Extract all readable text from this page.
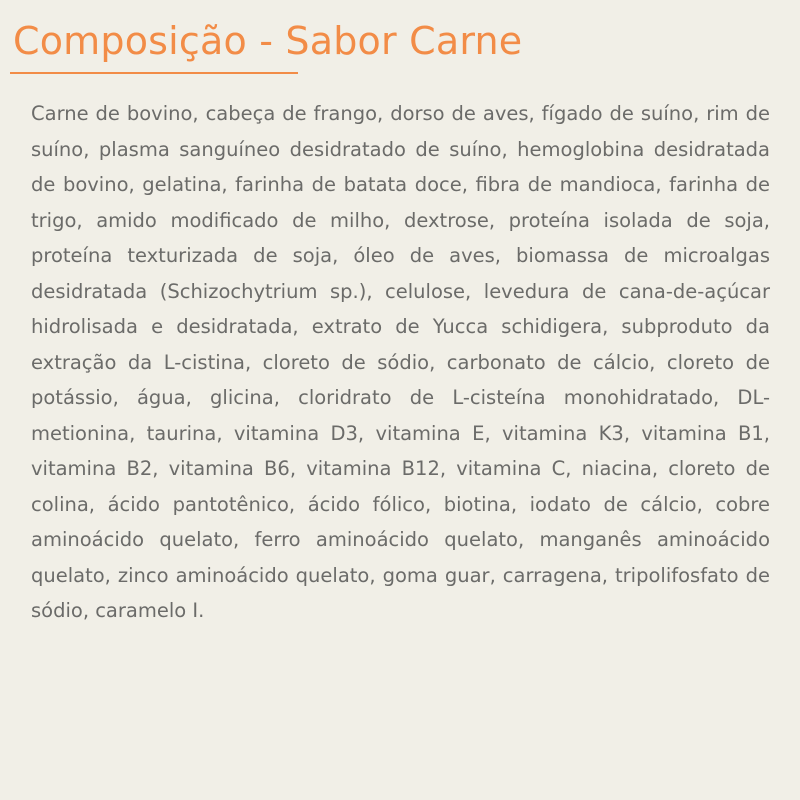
Composição - Sabor Carne

Carne de bovino, cabeça de frango, dorso de aves, fígado de suíno, rim de suíno, plasma sanguíneo desidratado de suíno, hemoglobina desidratada de bovino, gelatina, farinha de batata doce, fibra de mandioca, farinha de trigo, amido modificado de milho, dextrose, proteína isolada de soja, proteína texturizada de soja, óleo de aves, biomassa de microalgas desidratada (Schizochytrium sp.), celulose, levedura de cana-de-açúcar hidrolisada e desidratada, extrato de Yucca schidigera, subproduto da extração da L-cistina, cloreto de sódio, carbonato de cálcio, cloreto de potássio, água, glicina, cloridrato de L-cisteína monohidratado, DL-metionina, taurina, vitamina D3, vitamina E, vitamina K3, vitamina B1, vitamina B2, vitamina B6, vitamina B12, vitamina C, niacina, cloreto de colina, ácido pantotênico, ácido fólico, biotina, iodato de cálcio, cobre aminoácido quelato, ferro aminoácido quelato, manganês aminoácido quelato, zinco aminoácido quelato, goma guar, carragena, tripolifosfato de sódio, caramelo I.
